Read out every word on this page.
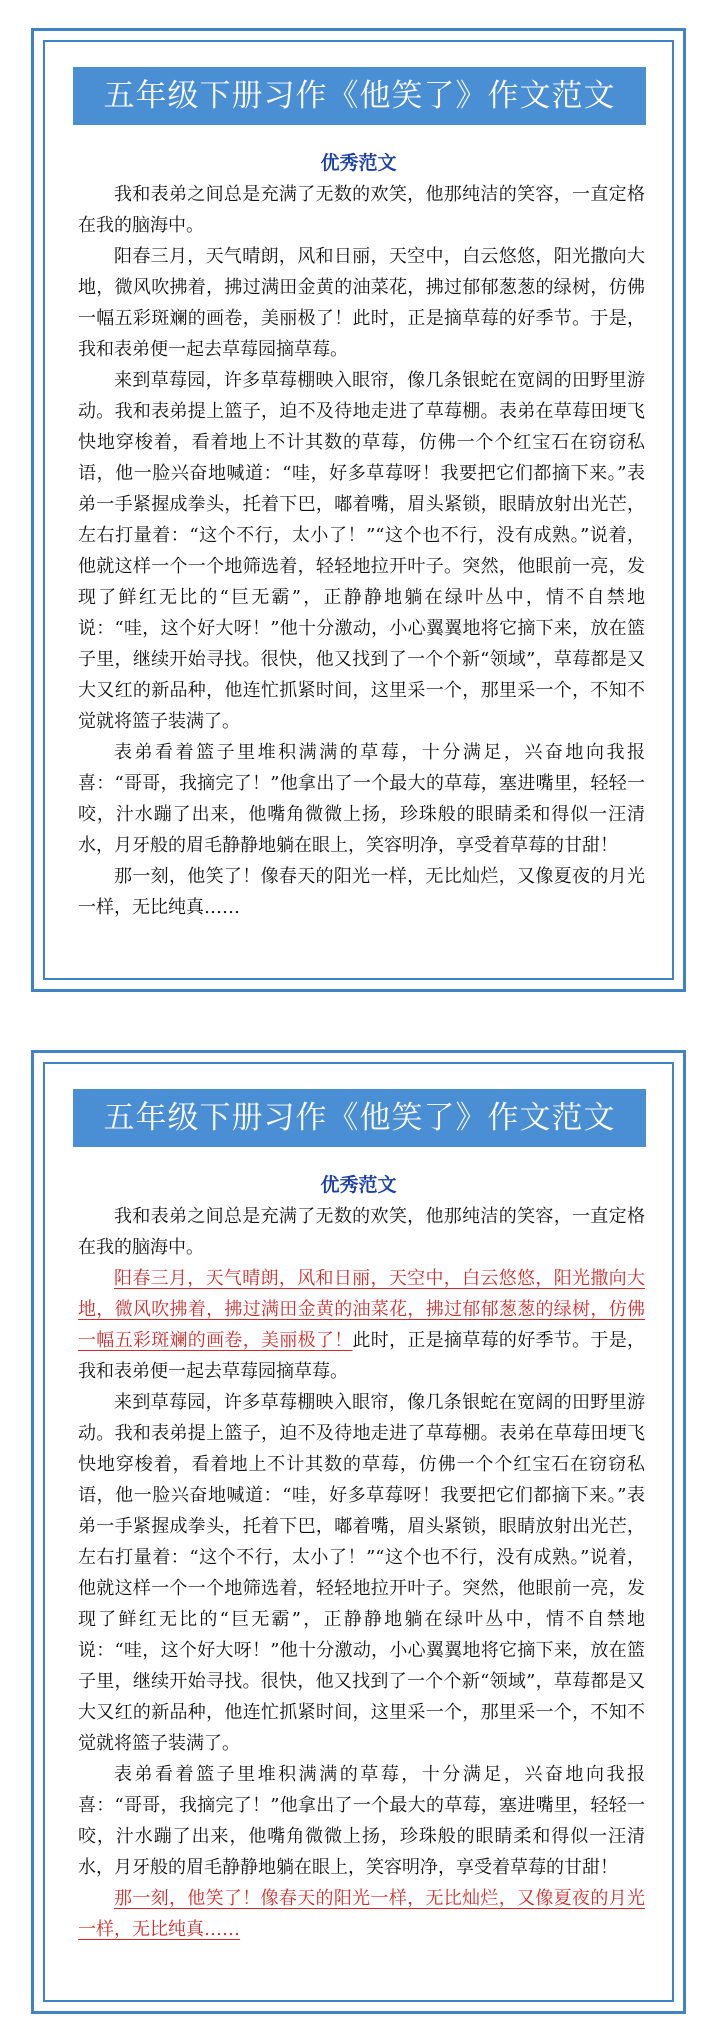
五年级下册习作《他笑了》作文范文
优秀范文

我和表弟之间总是充满了无数的欢笑，他那纯洁的笑容，一直定格在我的脑海中。

阳春三月，天气晴朗，风和日丽，天空中，白云悠悠，阳光撒向大地，微风吹拂着，拂过满田金黄的油菜花，拂过郁郁葱葱的绿树，仿佛一幅五彩斑斓的画卷，美丽极了！此时，正是摘草莓的好季节。于是，我和表弟便一起去草莓园摘草莓。

来到草莓园，许多草莓棚映入眼帘，像几条银蛇在宽阔的田野里游动。我和表弟提上篮子，迫不及待地走进了草莓棚。表弟在草莓田埂飞快地穿梭着，看着地上不计其数的草莓，仿佛一个个红宝石在窃窃私语，他一脸兴奋地喊道：“哇，好多草莓呀！我要把它们都摘下来。”表弟一手紧握成拳头，托着下巴，嘟着嘴，眉头紧锁，眼睛放射出光芒，左右打量着：“这个不行，太小了！”“这个也不行，没有成熟。”说着，他就这样一个一个地筛选着，轻轻地拉开叶子。突然，他眼前一亮，发现了鲜红无比的“巨无霸”，正静静地躺在绿叶丛中，情不自禁地说：“哇，这个好大呀！”他十分激动，小心翼翼地将它摘下来，放在篮子里，继续开始寻找。很快，他又找到了一个个新“领域”，草莓都是又大又红的新品种，他连忙抓紧时间，这里采一个，那里采一个，不知不觉就将篮子装满了。

表弟看着篮子里堆积满满的草莓，十分满足，兴奋地向我报喜：“哥哥，我摘完了！”他拿出了一个最大的草莓，塞进嘴里，轻轻一咬，汁水蹦了出来，他嘴角微微上扬，珍珠般的眼睛柔和得似一汪清水，月牙般的眉毛静静地躺在眼上，笑容明净，享受着草莓的甘甜！

那一刻，他笑了！像春天的阳光一样，无比灿烂，又像夏夜的月光一样，无比纯真……

五年级下册习作《他笑了》作文范文
优秀范文

我和表弟之间总是充满了无数的欢笑，他那纯洁的笑容，一直定格在我的脑海中。

阳春三月，天气晴朗，风和日丽，天空中，白云悠悠，阳光撒向大地，微风吹拂着，拂过满田金黄的油菜花，拂过郁郁葱葱的绿树，仿佛一幅五彩斑斓的画卷，美丽极了！此时，正是摘草莓的好季节。于是，我和表弟便一起去草莓园摘草莓。

来到草莓园，许多草莓棚映入眼帘，像几条银蛇在宽阔的田野里游动。我和表弟提上篮子，迫不及待地走进了草莓棚。表弟在草莓田埂飞快地穿梭着，看着地上不计其数的草莓，仿佛一个个红宝石在窃窃私语，他一脸兴奋地喊道：“哇，好多草莓呀！我要把它们都摘下来。”表弟一手紧握成拳头，托着下巴，嘟着嘴，眉头紧锁，眼睛放射出光芒，左右打量着：“这个不行，太小了！”“这个也不行，没有成熟。”说着，他就这样一个一个地筛选着，轻轻地拉开叶子。突然，他眼前一亮，发现了鲜红无比的“巨无霸”，正静静地躺在绿叶丛中，情不自禁地说：“哇，这个好大呀！”他十分激动，小心翼翼地将它摘下来，放在篮子里，继续开始寻找。很快，他又找到了一个个新“领域”，草莓都是又大又红的新品种，他连忙抓紧时间，这里采一个，那里采一个，不知不觉就将篮子装满了。

表弟看着篮子里堆积满满的草莓，十分满足，兴奋地向我报喜：“哥哥，我摘完了！”他拿出了一个最大的草莓，塞进嘴里，轻轻一咬，汁水蹦了出来，他嘴角微微上扬，珍珠般的眼睛柔和得似一汪清水，月牙般的眉毛静静地躺在眼上，笑容明净，享受着草莓的甘甜！

那一刻，他笑了！像春天的阳光一样，无比灿烂，又像夏夜的月光一样，无比纯真……
